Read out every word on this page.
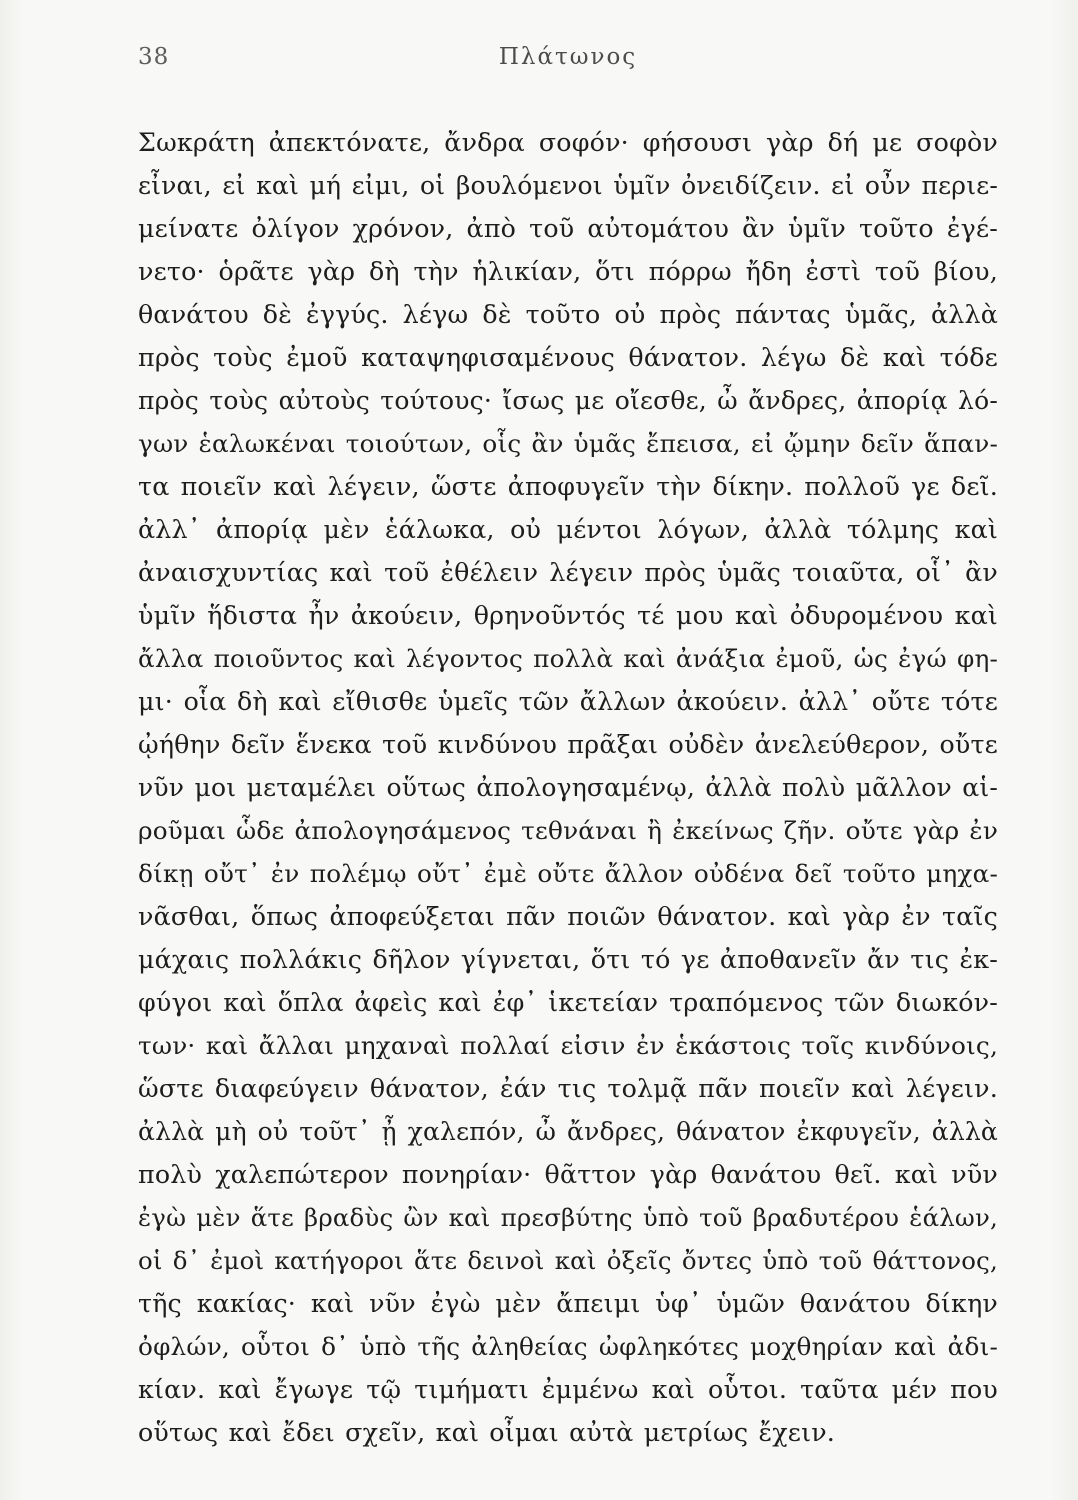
38	Πλάτωνος
Σωκράτη ἀπεκτόνατε, ἄνδρα σοφόν· φήσουσι γὰρ δή με σοφὸν
εἶναι, εἰ καὶ μή εἰμι, οἱ βουλόμενοι ὑμῖν ὀνειδίζειν. εἰ οὖν περιε-
μείνατε ὀλίγον χρόνον, ἀπὸ τοῦ αὐτομάτου ἂν ὑμῖν τοῦτο ἐγέ-
νετο· ὁρᾶτε γὰρ δὴ τὴν ἡλικίαν, ὅτι πόρρω ἤδη ἐστὶ τοῦ βίου,
θανάτου δὲ ἐγγύς. λέγω δὲ τοῦτο οὐ πρὸς πάντας ὑμᾶς, ἀλλὰ
πρὸς τοὺς ἐμοῦ καταψηφισαμένους θάνατον. λέγω δὲ καὶ τόδε
πρὸς τοὺς αὐτοὺς τούτους· ἴσως με οἴεσθε, ὦ ἄνδρες, ἀπορίᾳ λό-
γων ἑαλωκέναι τοιούτων, οἷς ἂν ὑμᾶς ἔπεισα, εἰ ᾤμην δεῖν ἅπαν-
τα ποιεῖν καὶ λέγειν, ὥστε ἀποφυγεῖν τὴν δίκην. πολλοῦ γε δεῖ.
ἀλλ᾽ ἀπορίᾳ μὲν ἑάλωκα, οὐ μέντοι λόγων, ἀλλὰ τόλμης καὶ
ἀναισχυντίας καὶ τοῦ ἐθέλειν λέγειν πρὸς ὑμᾶς τοιαῦτα, οἷ᾽ ἂν
ὑμῖν ἥδιστα ἦν ἀκούειν, θρηνοῦντός τέ μου καὶ ὀδυρομένου καὶ
ἄλλα ποιοῦντος καὶ λέγοντος πολλὰ καὶ ἀνάξια ἐμοῦ, ὡς ἐγώ φη-
μι· οἷα δὴ καὶ εἴθισθε ὑμεῖς τῶν ἄλλων ἀκούειν. ἀλλ᾽ οὔτε τότε
ᾠήθην δεῖν ἕνεκα τοῦ κινδύνου πρᾶξαι οὐδὲν ἀνελεύθερον, οὔτε
νῦν μοι μεταμέλει οὕτως ἀπολογησαμένῳ, ἀλλὰ πολὺ μᾶλλον αἱ-
ροῦμαι ὧδε ἀπολογησάμενος τεθνάναι ἢ ἐκείνως ζῆν. οὔτε γὰρ ἐν
δίκῃ οὔτ᾽ ἐν πολέμῳ οὔτ᾽ ἐμὲ οὔτε ἄλλον οὐδένα δεῖ τοῦτο μηχα-
νᾶσθαι, ὅπως ἀποφεύξεται πᾶν ποιῶν θάνατον. καὶ γὰρ ἐν ταῖς
μάχαις πολλάκις δῆλον γίγνεται, ὅτι τό γε ἀποθανεῖν ἄν τις ἐκ-
φύγοι καὶ ὅπλα ἀφεὶς καὶ ἐφ᾽ ἱκετείαν τραπόμενος τῶν διωκόν-
των· καὶ ἄλλαι μηχαναὶ πολλαί εἰσιν ἐν ἑκάστοις τοῖς κινδύνοις,
ὥστε διαφεύγειν θάνατον, ἐάν τις τολμᾷ πᾶν ποιεῖν καὶ λέγειν.
ἀλλὰ μὴ οὐ τοῦτ᾽ ᾖ χαλεπόν, ὦ ἄνδρες, θάνατον ἐκφυγεῖν, ἀλλὰ
πολὺ χαλεπώτερον πονηρίαν· θᾶττον γὰρ θανάτου θεῖ. καὶ νῦν
ἐγὼ μὲν ἅτε βραδὺς ὢν καὶ πρεσβύτης ὑπὸ τοῦ βραδυτέρου ἑάλων,
οἱ δ᾽ ἐμοὶ κατήγοροι ἅτε δεινοὶ καὶ ὀξεῖς ὄντες ὑπὸ τοῦ θάττονος,
τῆς κακίας· καὶ νῦν ἐγὼ μὲν ἄπειμι ὑφ᾽ ὑμῶν θανάτου δίκην
ὀφλών, οὗτοι δ᾽ ὑπὸ τῆς ἀληθείας ὠφληκότες μοχθηρίαν καὶ ἀδι-
κίαν. καὶ ἔγωγε τῷ τιμήματι ἐμμένω καὶ οὗτοι. ταῦτα μέν που
οὕτως καὶ ἔδει σχεῖν, καὶ οἶμαι αὐτὰ μετρίως ἔχειν.
